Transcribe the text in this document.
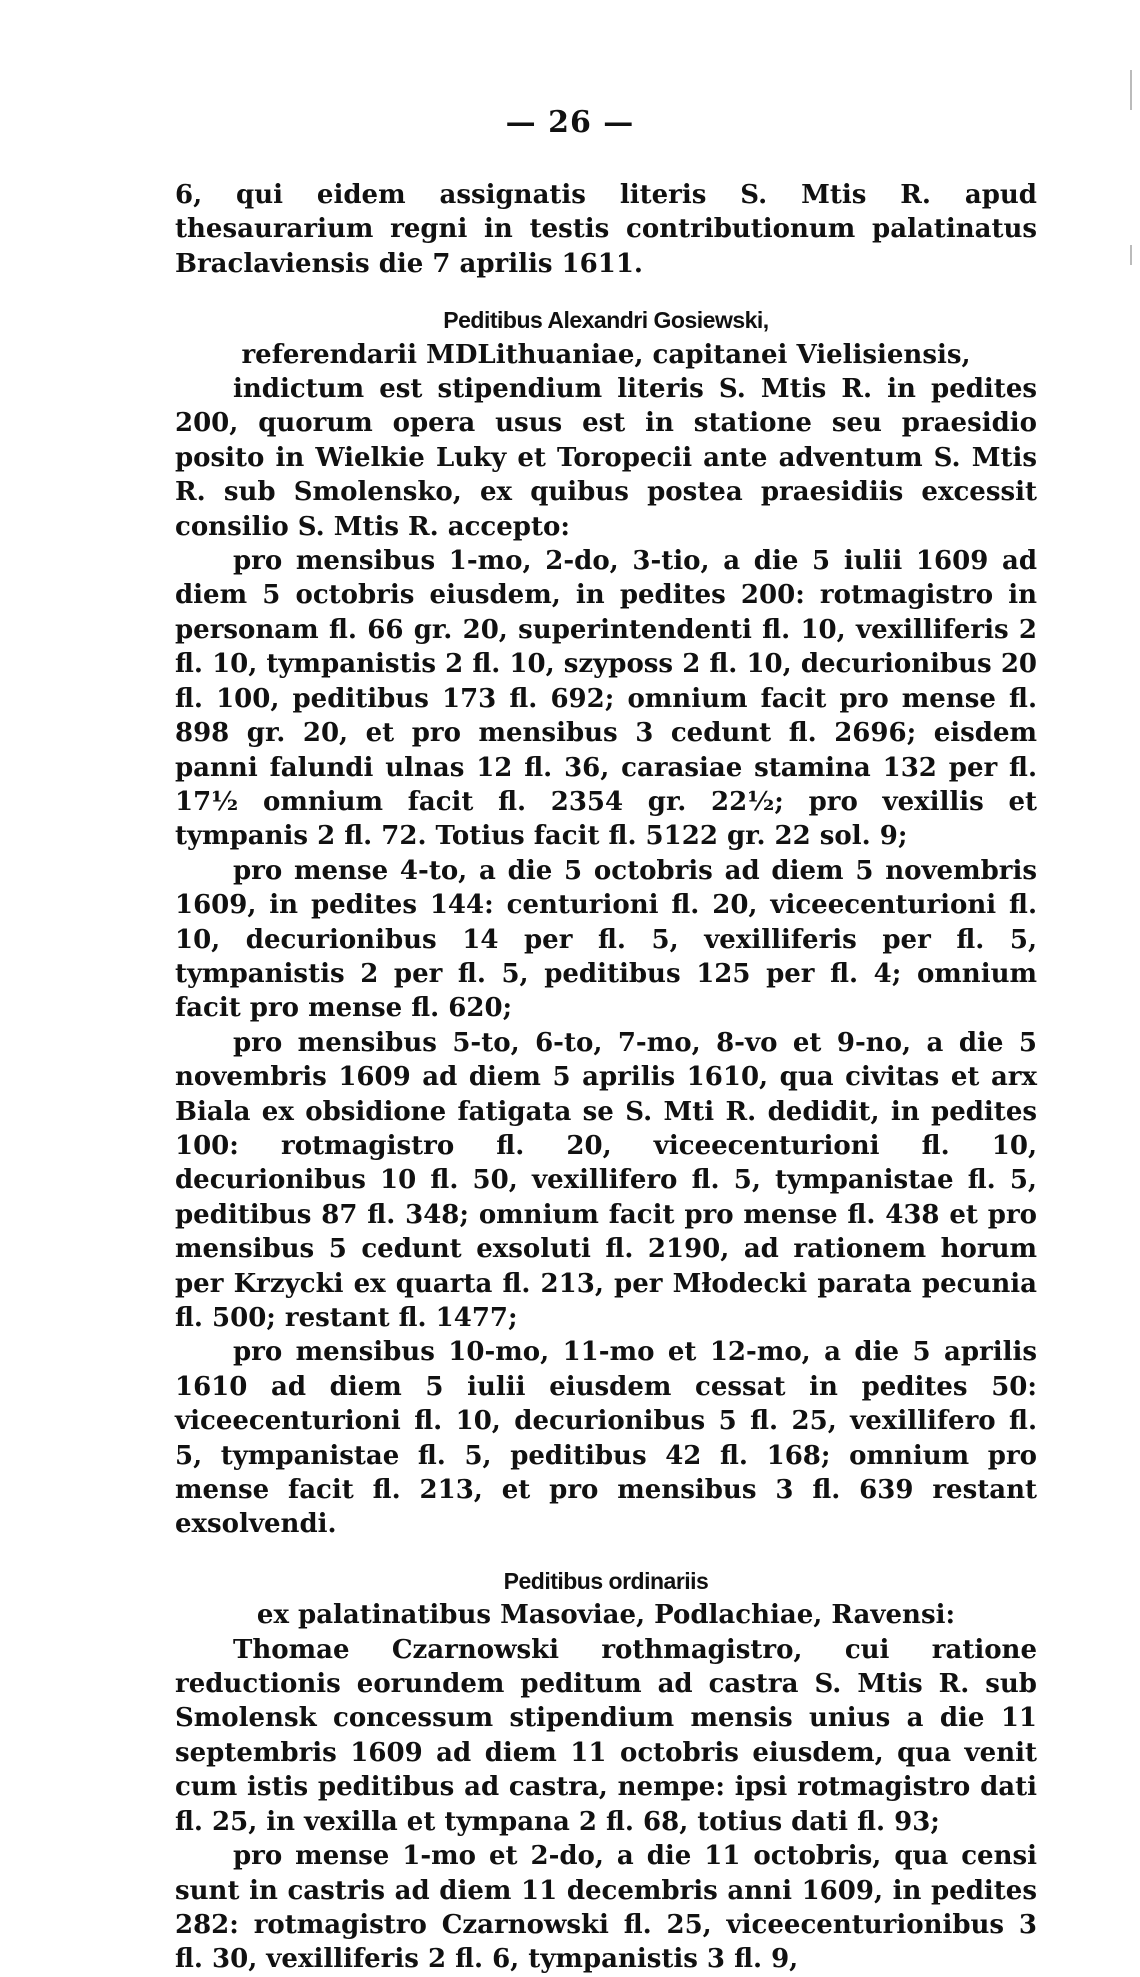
— 26 —

6, qui eidem assignatis literis S. Mtis R. apud thesaurarium regni in testis contributionum palatinatus Braclaviensis die 7 aprilis 1611.

Peditibus Alexandri Gosiewski,
referendarii MDLithuaniae, capitanei Vielisiensis,

indictum est stipendium literis S. Mtis R. in pedites 200, quorum opera usus est in statione seu praesidio posito in Wielkie Luky et Toropecii ante adventum S. Mtis R. sub Smolensko, ex quibus postea praesidiis excessit consilio S. Mtis R. accepto:

pro mensibus 1-mo, 2-do, 3-tio, a die 5 iulii 1609 ad diem 5 octobris eiusdem, in pedites 200: rotmagistro in personam fl. 66 gr. 20, superintendenti fl. 10, vexilliferis 2 fl. 10, tympanistis 2 fl. 10, szyposs 2 fl. 10, decurionibus 20 fl. 100, peditibus 173 fl. 692; omnium facit pro mense fl. 898 gr. 20, et pro mensibus 3 cedunt fl. 2696; eisdem panni falundi ulnas 12 fl. 36, carasiae stamina 132 per fl. 17½ omnium facit fl. 2354 gr. 22½; pro vexillis et tympanis 2 fl. 72. Totius facit fl. 5122 gr. 22 sol. 9;

pro mense 4-to, a die 5 octobris ad diem 5 novembris 1609, in pedites 144: centurioni fl. 20, viceecenturioni fl. 10, decurionibus 14 per fl. 5, vexilliferis per fl. 5, tympanistis 2 per fl. 5, peditibus 125 per fl. 4; omnium facit pro mense fl. 620;

pro mensibus 5-to, 6-to, 7-mo, 8-vo et 9-no, a die 5 novembris 1609 ad diem 5 aprilis 1610, qua civitas et arx Biala ex obsidione fatigata se S. Mti R. dedidit, in pedites 100: rotmagistro fl. 20, viceecenturioni fl. 10, decurionibus 10 fl. 50, vexillifero fl. 5, tympanistae fl. 5, peditibus 87 fl. 348; omnium facit pro mense fl. 438 et pro mensibus 5 cedunt exsoluti fl. 2190, ad rationem horum per Krzycki ex quarta fl. 213, per Młodecki parata pecunia fl. 500; restant fl. 1477;

pro mensibus 10-mo, 11-mo et 12-mo, a die 5 aprilis 1610 ad diem 5 iulii eiusdem cessat in pedites 50: viceecenturioni fl. 10, decurionibus 5 fl. 25, vexillifero fl. 5, tympanistae fl. 5, peditibus 42 fl. 168; omnium pro mense facit fl. 213, et pro mensibus 3 fl. 639 restant exsolvendi.

Peditibus ordinariis
ex palatinatibus Masoviae, Podlachiae, Ravensi:

Thomae Czarnowski rothmagistro, cui ratione reductionis eorundem peditum ad castra S. Mtis R. sub Smolensk concessum stipendium mensis unius a die 11 septembris 1609 ad diem 11 octobris eiusdem, qua venit cum istis peditibus ad castra, nempe: ipsi rotmagistro dati fl. 25, in vexilla et tympana 2 fl. 68, totius dati fl. 93;

pro mense 1-mo et 2-do, a die 11 octobris, qua censi sunt in castris ad diem 11 decembris anni 1609, in pedites 282: rotmagistro Czarnowski fl. 25, viceecenturionibus 3 fl. 30, vexilliferis 2 fl. 6, tympanistis 3 fl. 9,
